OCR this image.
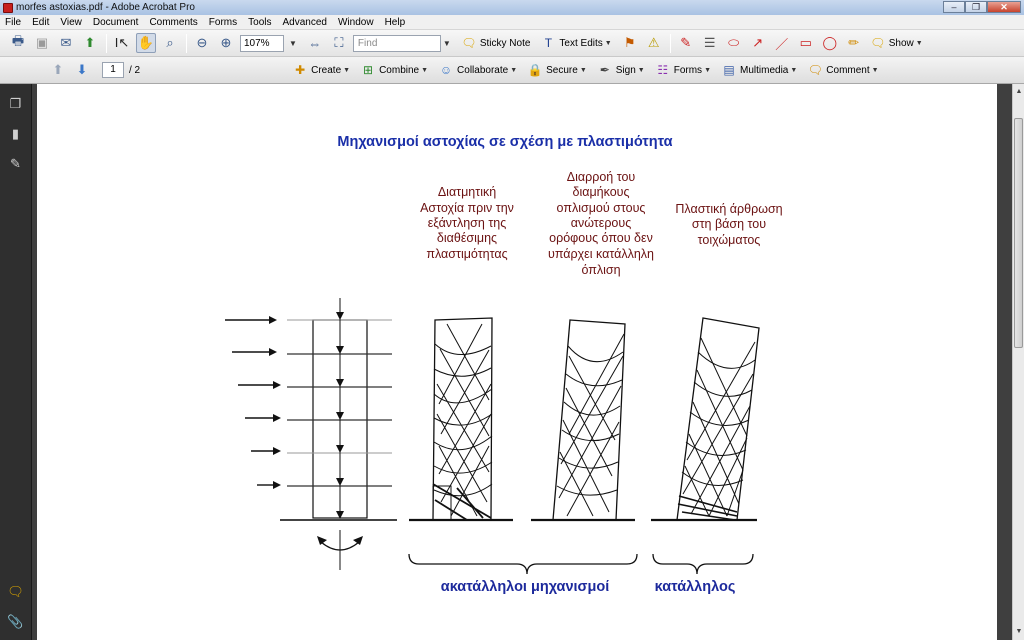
morfes astoxias.pdf - Adobe Acrobat Pro	–	❐	✕
File	Edit	View	Document	Comments	Forms	Tools	Advanced	Window	Help
🖶 ▣ ✉	⬆	I↖ ✋ ⌕	⊖	⊕	107%	▼ ⇔ ⛶	Find	▼ 🗨 Sticky Note	T Text Edits ▼ ⚑ ⚠	✎ ☰ ⬭	↗ ／ ▭ ◯ ✏ 🗨 Show ▼
⬆	⬇	1	/ 2	✚ Create ▼ ⊞ Combine ▼ ☺ Collaborate ▼ 🔒 Secure ▼ ✒ Sign ▼ ☷ Forms ▼ ▤ Multimedia ▼ 🗨 Comment ▼
❐
▮
✎
🗨
📎
Μηχανισμοί αστοχίας σε σχέση με πλαστιμότητα
Διατμητική
Αστοχία πριν την
εξάντληση της
διαθέσιμης
πλαστιμότητας
Διαρροή του
διαμήκους
οπλισμού στους
ανώτερους
ορόφους όπου δεν
υπάρχει κατάλληλη
όπλιση
Πλαστική άρθρωση
στη βάση του
τοιχώματος
ακατάλληλοι μηχανισμοί	κατάλληλος
▲
▼
